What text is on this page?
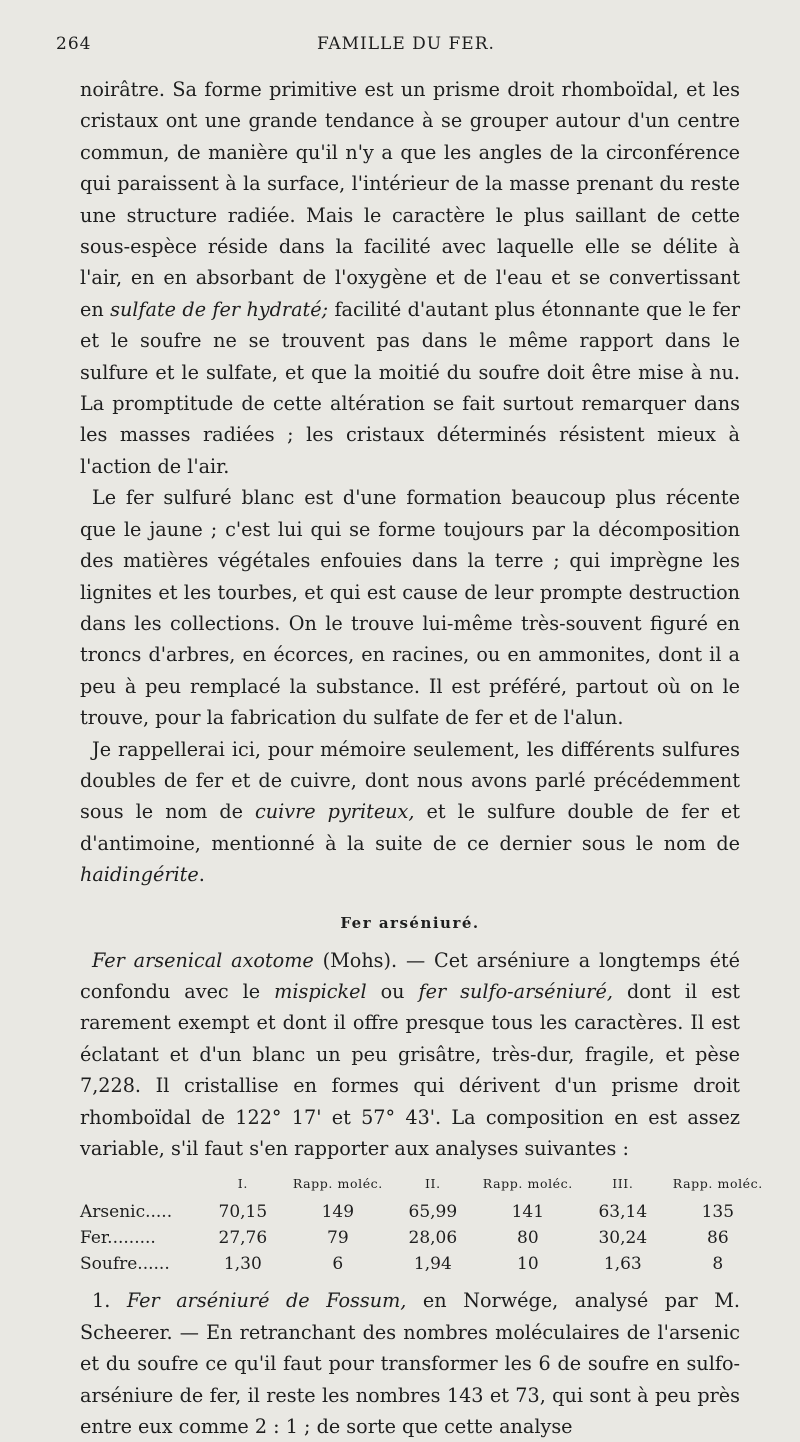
264	FAMILLE DU FER.

noirâtre. Sa forme primitive est un prisme droit rhomboïdal, et les cristaux ont une grande tendance à se grouper autour d'un centre commun, de manière qu'il n'y a que les angles de la circonférence qui paraissent à la surface, l'intérieur de la masse prenant du reste une structure radiée. Mais le caractère le plus saillant de cette sous-espèce réside dans la facilité avec laquelle elle se délite à l'air, en en absorbant de l'oxygène et de l'eau et se convertissant en sulfate de fer hydraté; facilité d'autant plus étonnante que le fer et le soufre ne se trouvent pas dans le même rapport dans le sulfure et le sulfate, et que la moitié du soufre doit être mise à nu. La promptitude de cette altération se fait surtout remarquer dans les masses radiées ; les cristaux déterminés résistent mieux à l'action de l'air.

Le fer sulfuré blanc est d'une formation beaucoup plus récente que le jaune ; c'est lui qui se forme toujours par la décomposition des matières végétales enfouies dans la terre ; qui imprègne les lignites et les tourbes, et qui est cause de leur prompte destruction dans les collections. On le trouve lui-même très-souvent figuré en troncs d'arbres, en écorces, en racines, ou en ammonites, dont il a peu à peu remplacé la substance. Il est préféré, partout où on le trouve, pour la fabrication du sulfate de fer et de l'alun.

Je rappellerai ici, pour mémoire seulement, les différents sulfures doubles de fer et de cuivre, dont nous avons parlé précédemment sous le nom de cuivre pyriteux, et le sulfure double de fer et d'antimoine, mentionné à la suite de ce dernier sous le nom de haidingérite.

Fer arséniuré.

Fer arsenical axotome (Mohs). — Cet arséniure a longtemps été confondu avec le mispickel ou fer sulfo-arséniuré, dont il est rarement exempt et dont il offre presque tous les caractères. Il est éclatant et d'un blanc un peu grisâtre, très-dur, fragile, et pèse 7,228. Il cristallise en formes qui dérivent d'un prisme droit rhomboïdal de 122° 17' et 57° 43'. La composition en est assez variable, s'il faut s'en rapporter aux analyses suivantes :

	I.	Rapp. moléc.	II.	Rapp. moléc.	III.	Rapp. moléc.
Arsenic.....	70,15	149	65,99	141	63,14	135
Fer.........	27,76	79	28,06	80	30,24	86
Soufre......	1,30	6	1,94	10	1,63	8

1. Fer arséniuré de Fossum, en Norwége, analysé par M. Scheerer. — En retranchant des nombres moléculaires de l'arsenic et du soufre ce qu'il faut pour transformer les 6 de soufre en sulfo-arséniure de fer, il reste les nombres 143 et 73, qui sont à peu près entre eux comme 2 : 1 ; de sorte que cette analyse
